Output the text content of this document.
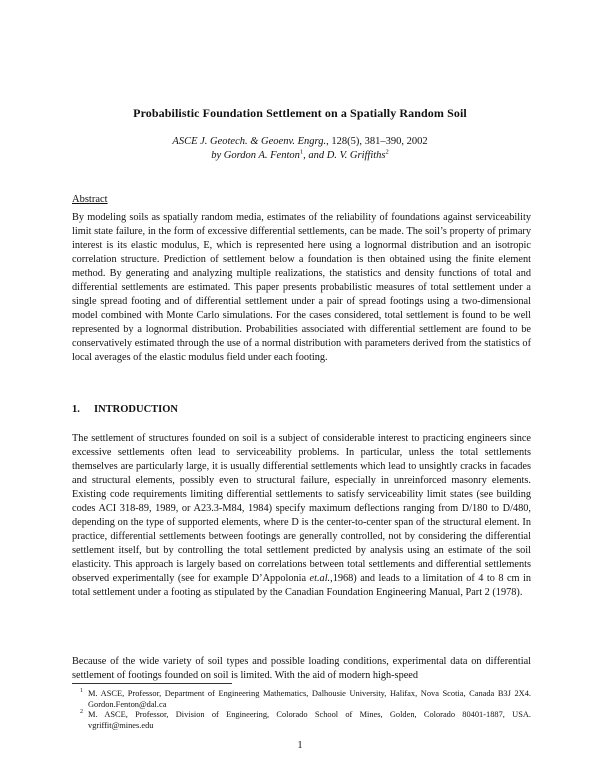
Probabilistic Foundation Settlement on a Spatially Random Soil
ASCE J. Geotech. & Geoenv. Engrg., 128(5), 381–390, 2002
by Gordon A. Fenton$^1$, and D. V. Griffiths$^2$
Abstract
By modeling soils as spatially random media, estimates of the reliability of foundations against serviceability limit state failure, in the form of excessive differential settlements, can be made. The soil’s property of primary interest is its elastic modulus, E, which is represented here using a lognormal distribution and an isotropic correlation structure. Prediction of settlement below a foundation is then obtained using the finite element method. By generating and analyzing multiple realizations, the statistics and density functions of total and differential settlements are estimated. This paper presents probabilistic measures of total settlement under a single spread footing and of differential settlement under a pair of spread footings using a two-dimensional model combined with Monte Carlo simulations. For the cases considered, total settlement is found to be well represented by a lognormal distribution. Probabilities associated with differential settlement are found to be conservatively estimated through the use of a normal distribution with parameters derived from the statistics of local averages of the elastic modulus field under each footing.
1. INTRODUCTION
The settlement of structures founded on soil is a subject of considerable interest to practicing engineers since excessive settlements often lead to serviceability problems. In particular, unless the total settlements themselves are particularly large, it is usually differential settlements which lead to unsightly cracks in facades and structural elements, possibly even to structural failure, especially in unreinforced masonry elements. Existing code requirements limiting differential settlements to satisfy serviceability limit states (see building codes ACI 318-89, 1989, or A23.3-M84, 1984) specify maximum deflections ranging from D/180 to D/480, depending on the type of supported elements, where D is the center-to-center span of the structural element. In practice, differential settlements between footings are generally controlled, not by considering the differential settlement itself, but by controlling the total settlement predicted by analysis using an estimate of the soil elasticity. This approach is largely based on correlations between total settlements and differential settlements observed experimentally (see for example D’Appolonia et.al.,1968) and leads to a limitation of 4 to 8 cm in total settlement under a footing as stipulated by the Canadian Foundation Engineering Manual, Part 2 (1978).
Because of the wide variety of soil types and possible loading conditions, experimental data on differential settlement of footings founded on soil is limited. With the aid of modern high-speed
1 M. ASCE, Professor, Department of Engineering Mathematics, Dalhousie University, Halifax, Nova Scotia, Canada B3J 2X4. Gordon.Fenton@dal.ca
2 M. ASCE, Professor, Division of Engineering, Colorado School of Mines, Golden, Colorado 80401-1887, USA. vgriffit@mines.edu
1
